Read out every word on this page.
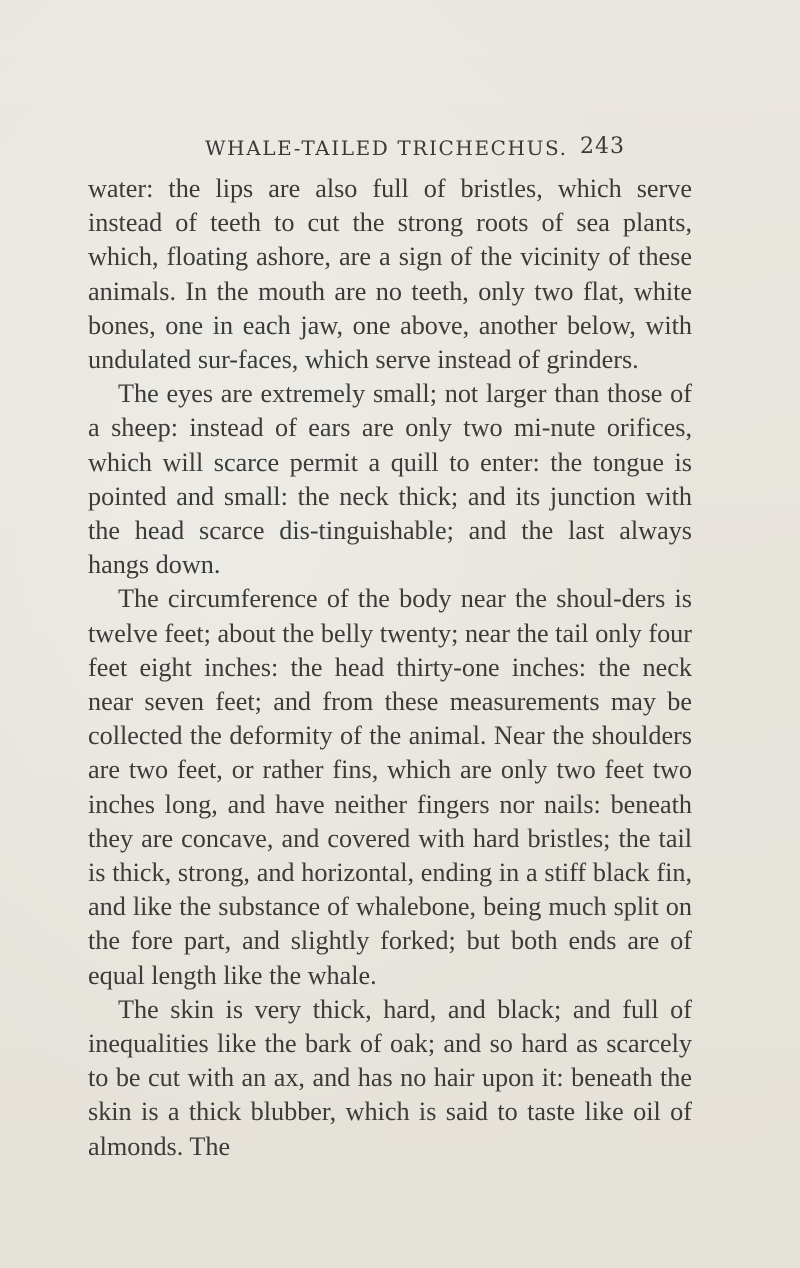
WHALE-TAILED TRICHECHUS. 243

water: the lips are also full of bristles, which serve instead of teeth to cut the strong roots of sea plants, which, floating ashore, are a sign of the vicinity of these animals. In the mouth are no teeth, only two flat, white bones, one in each jaw, one above, another below, with undulated sur-faces, which serve instead of grinders.

The eyes are extremely small; not larger than those of a sheep: instead of ears are only two mi-nute orifices, which will scarce permit a quill to enter: the tongue is pointed and small: the neck thick; and its junction with the head scarce dis-tinguishable; and the last always hangs down.

The circumference of the body near the shoul-ders is twelve feet; about the belly twenty; near the tail only four feet eight inches: the head thirty-one inches: the neck near seven feet; and from these measurements may be collected the deformity of the animal. Near the shoulders are two feet, or rather fins, which are only two feet two inches long, and have neither fingers nor nails: beneath they are concave, and covered with hard bristles; the tail is thick, strong, and horizontal, ending in a stiff black fin, and like the substance of whalebone, being much split on the fore part, and slightly forked; but both ends are of equal length like the whale.

The skin is very thick, hard, and black; and full of inequalities like the bark of oak; and so hard as scarcely to be cut with an ax, and has no hair upon it: beneath the skin is a thick blubber, which is said to taste like oil of almonds. The
